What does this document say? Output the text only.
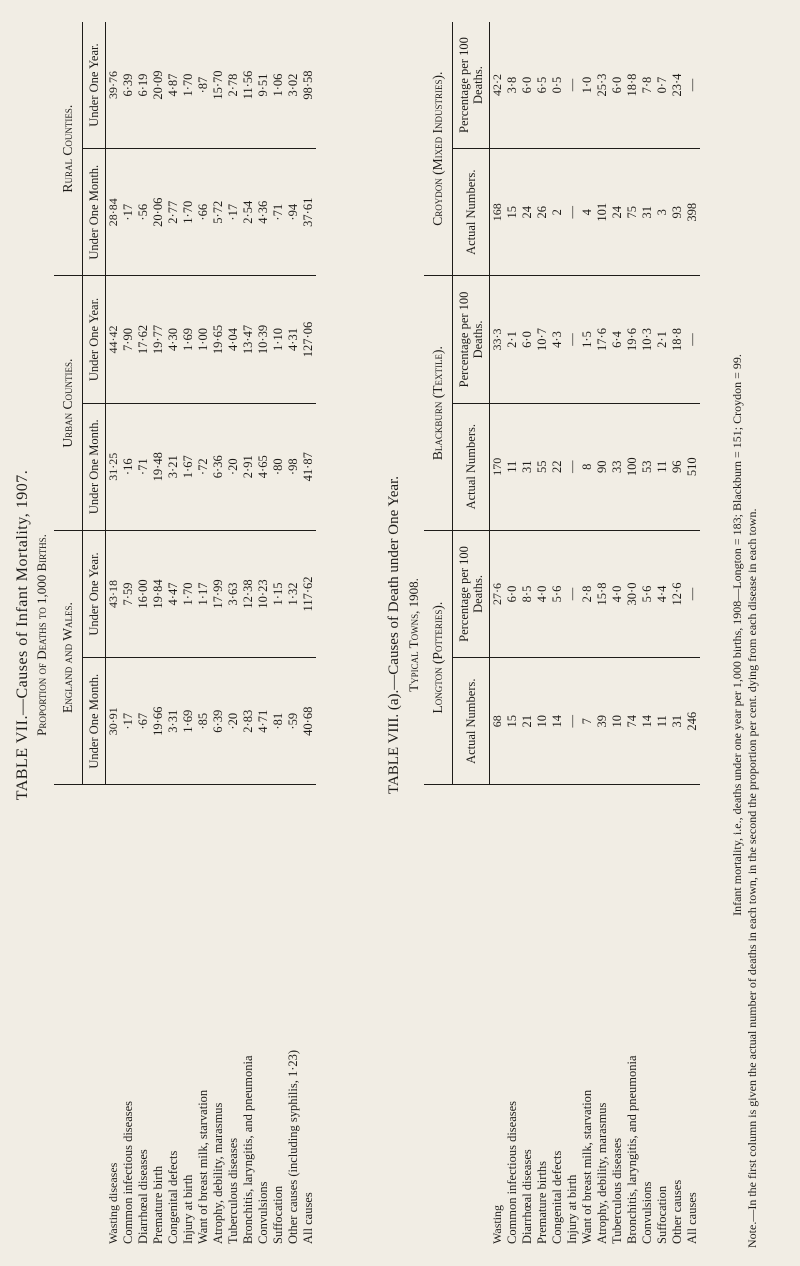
TABLE VII.—Causes of Infant Mortality, 1907. Proportion of Deaths to 1,000 Births.
	England and Wales.		Urban Counties.		Rural Counties.	
	Under One Month.	Under One Year.	Under One Month.	Under One Year.	Under One Month.	Under One Year.
Wasting diseases	30·91	43·18	31·25	44·42	28·84	39·76
Common infectious diseases	·17	7·59	·16	7·90	·17	6·39
Diarrhœal diseases	·67	16·00	·71	17·62	·56	6·19
Premature birth	19·66	19·84	19·48	19·77	20·06	20·09
Congenital defects	3·31	4·47	3·21	4·30	2·77	4·87
Injury at birth	1·69	1·70	1·67	1·69	1·70	1·70
Want of breast milk, starvation	·85	1·17	·72	1·00	·66	·87
Atrophy, debility, marasmus	6·39	17·99	6·36	19·65	5·72	15·70
Tuberculous diseases	·20	3·63	·20	4·04	·17	2·78
Bronchitis, laryngitis, and pneumonia	2·83	12·38	2·91	13·47	2·54	11·56
Convulsions	4·71	10·23	4·65	10·39	4·36	9·51
Suffocation	·81	1·15	·80	1·10	·71	1·06
Other causes (including syphilis, 1·23)	·59	1·32	·98	4·31	·94	3·02
All causes	40·68	117·62	41·87	127·06	37·61	98·58
TABLE VIII. (a).—Causes of Death under One Year. Typical Towns, 1908.
	Longton (Potteries).		Blackburn (Textile).		Croydon (Mixed Industries).	
	Actual Numbers.	Percentage per 100 Deaths.	Actual Numbers.	Percentage per 100 Deaths.	Actual Numbers.	Percentage per 100 Deaths.
Wasting	68	27·6	170	33·3	168	42·2
Common infectious diseases	15	6·0	11	2·1	15	3·8
Diarrhœal diseases	21	8·5	31	6·0	24	6·0
Premature births	10	4·0	55	10·7	26	6·5
Congenital defects	14	5·6	22	4·3	2	0·5
Injury at birth	—	—	—	—	—	—
Want of breast milk, starvation	7	2·8	8	1·5	4	1·0
Atrophy, debility, marasmus	39	15·8	90	17·6	101	25·3
Tuberculous diseases	10	4·0	33	6·4	24	6·0
Bronchitis, laryngitis, and pneumonia	74	30·0	100	19·6	75	18·8
Convulsions	14	5·6	53	10·3	31	7·8
Suffocation	11	4·4	11	2·1	3	0·7
Other causes	31	12·6	96	18·8	93	23·4
All causes	246	—	510	—	398	—
Infant mortality, i.e., deaths under one year per 1,000 births, 1908—Longton = 183; Blackburn = 151; Croydon = 99. Note.—In the first column is given the actual number of deaths in each town, in the second the proportion per cent. dying from each disease in each town.
